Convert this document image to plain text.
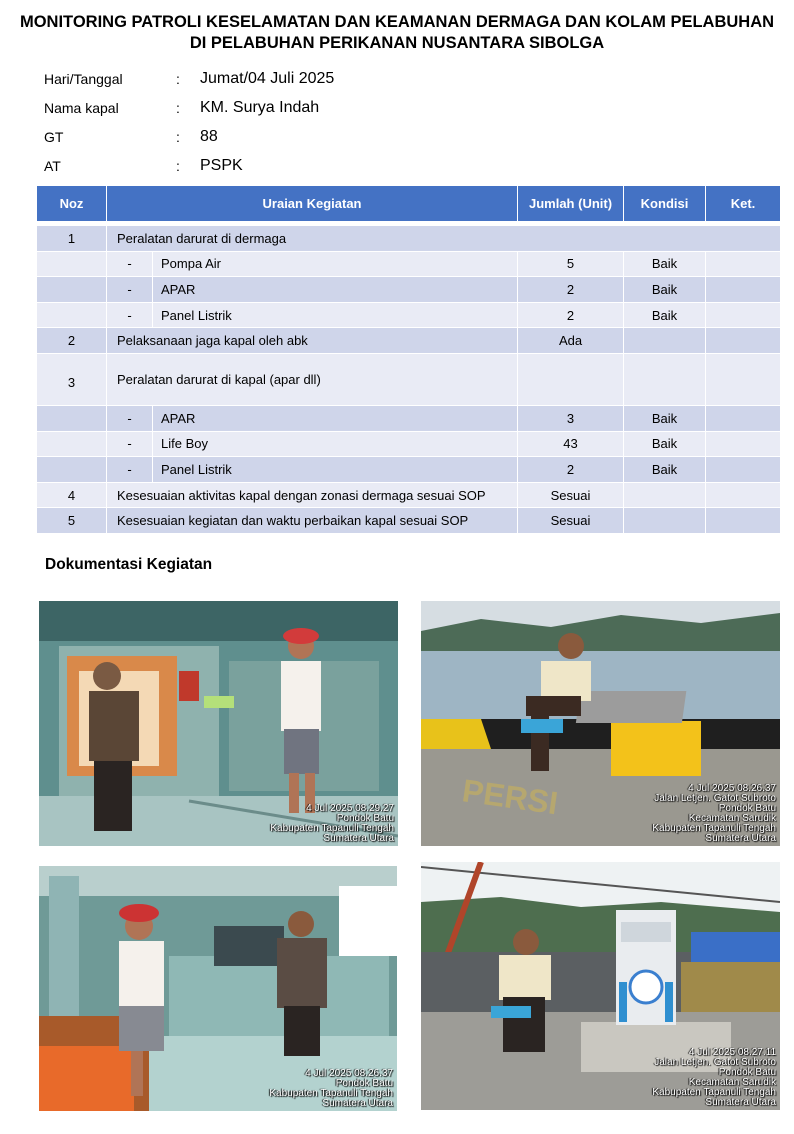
MONITORING PATROLI KESELAMATAN DAN KEAMANAN DERMAGA DAN KOLAM PELABUHAN
DI PELABUHAN PERIKANAN NUSANTARA SIBOLGA
Hari/Tanggal	:	Jumat/04 Juli 2025
Nama kapal	:	KM. Surya Indah
GT	:	88
AT	:	PSPK
Noz	Uraian Kegiatan		Jumlah (Unit)	Kondisi	Ket.

1	Peralatan darurat di dermaga				
	-	Pompa Air	5	Baik	
	-	APAR	2	Baik	
	-	Panel Listrik	2	Baik	
2	Pelaksanaan jaga kapal oleh abk		Ada		
3	Peralatan darurat di kapal (apar dll)				
	-	APAR	3	Baik	
	-	Life Boy	43	Baik	
	-	Panel Listrik	2	Baik	
4	Kesesuaian aktivitas kapal dengan zonasi dermaga sesuai SOP		Sesuai		
5	Kesesuaian kegiatan dan waktu perbaikan kapal sesuai SOP		Sesuai		
Dokumentasi Kegiatan
4 Jul 2025 08.29.27
Pondok Batu
Kabupaten Tapanuli Tengah
Sumatera Utara
PERSI	4 Jul 2025 08.26.37
Jalan Letjen. Gatot Subroto
Pondok Batu
Kecamatan Sarudik
Kabupaten Tapanuli Tengah
Sumatera Utara
4 Jul 2025 08.26.37
Pondok Batu
Kabupaten Tapanuli Tengah
Sumatera Utara
4 Jul 2025 08.27.11
Jalan Letjen. Gatot Subroto
Pondok Batu
Kecamatan Sarudik
Kabupaten Tapanuli Tengah
Sumatera Utara
